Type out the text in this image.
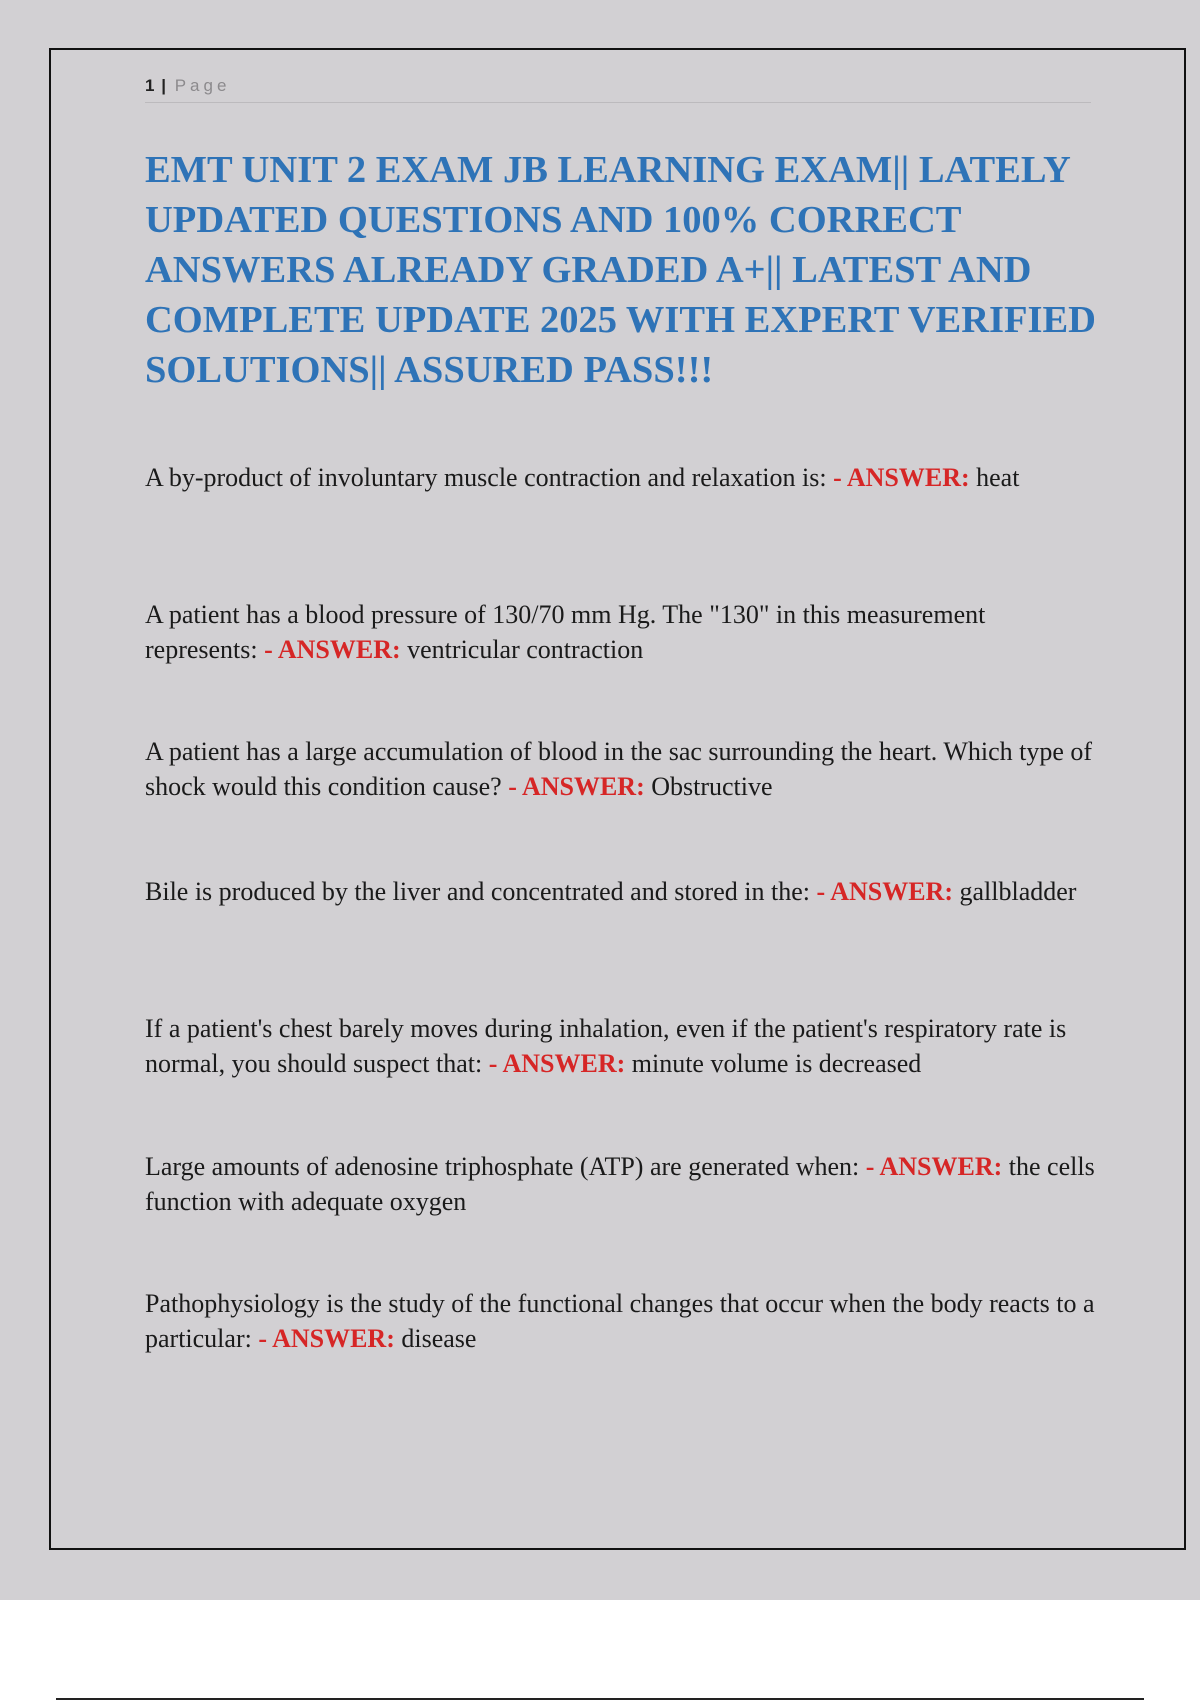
1 | Page
EMT UNIT 2 EXAM JB LEARNING EXAM|| LATELY UPDATED QUESTIONS AND 100% CORRECT ANSWERS ALREADY GRADED A+|| LATEST AND COMPLETE UPDATE 2025 WITH EXPERT VERIFIED SOLUTIONS|| ASSURED PASS!!!

A by-product of involuntary muscle contraction and relaxation is: - ANSWER: heat

A patient has a blood pressure of 130/70 mm Hg. The "130" in this measurement represents: - ANSWER: ventricular contraction

A patient has a large accumulation of blood in the sac surrounding the heart. Which type of shock would this condition cause? - ANSWER: Obstructive

Bile is produced by the liver and concentrated and stored in the: - ANSWER: gallbladder

If a patient's chest barely moves during inhalation, even if the patient's respiratory rate is normal, you should suspect that: - ANSWER: minute volume is decreased

Large amounts of adenosine triphosphate (ATP) are generated when: - ANSWER: the cells function with adequate oxygen

Pathophysiology is the study of the functional changes that occur when the body reacts to a particular: - ANSWER: disease
